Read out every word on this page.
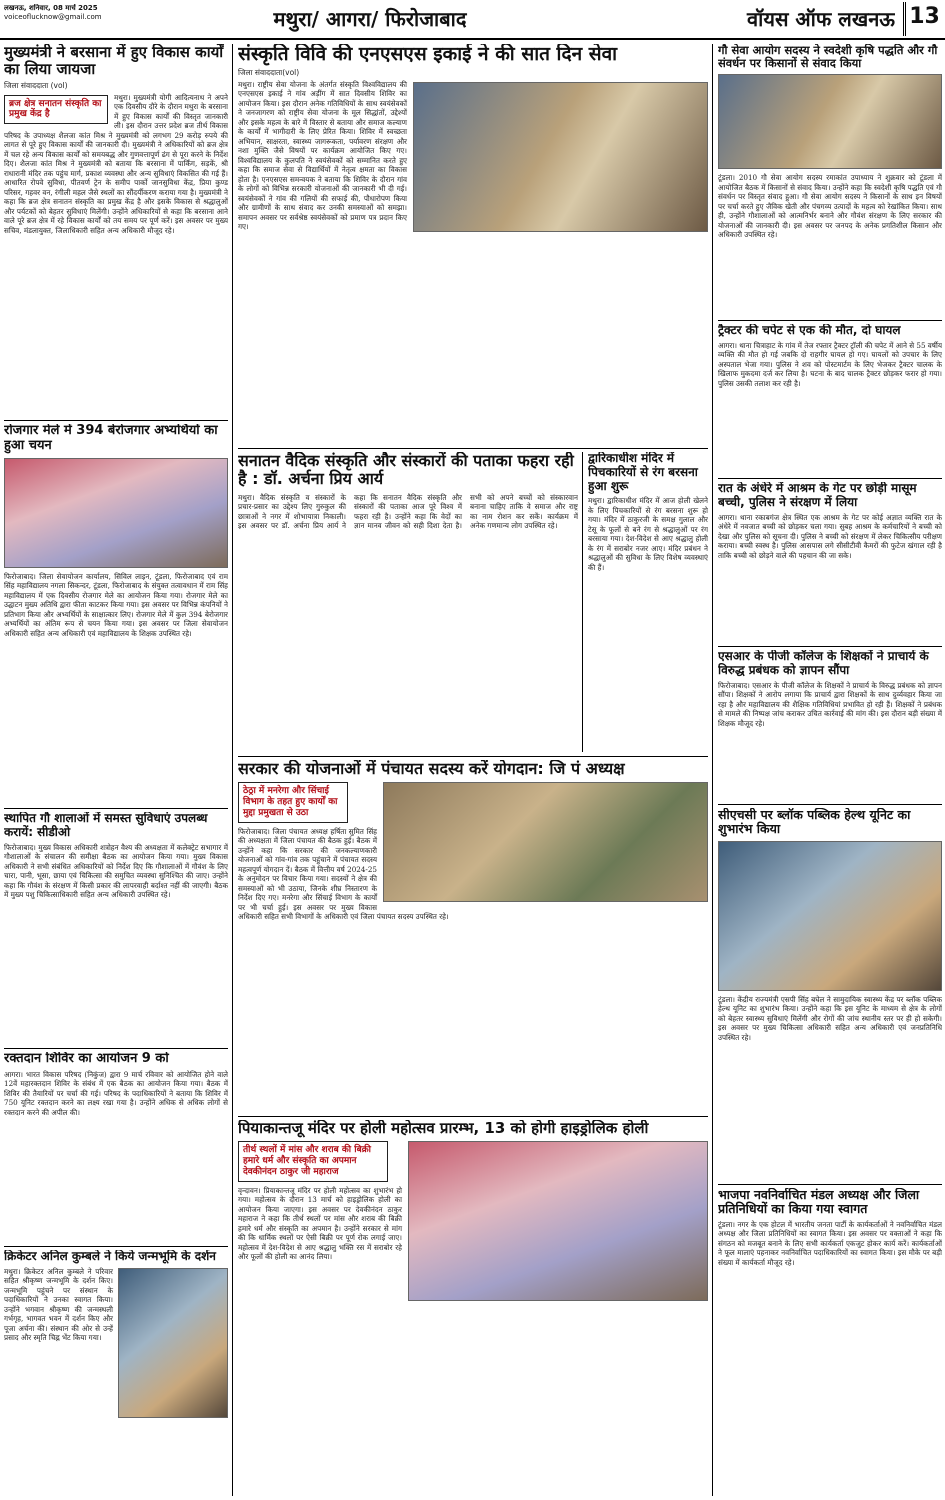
लखनऊ, शनिवार, 08 मार्च 2025
voiceoflucknow@gmail.com	मथुरा/ आगरा/ फिरोजाबाद	वॉयस ऑफ लखनऊ 13
मुख्यमंत्री ने बरसाना में हुए विकास कार्यों का लिया जायजा
जिला संवाददाता (vol)
ब्रज क्षेत्र सनातन संस्कृति का प्रमुख केंद्र है
मथुरा। मुख्यमंत्री योगी आदित्यनाथ ने अपने एक दिवसीय दौरे के दौरान मथुरा के बरसाना में हुए विकास कार्यों की विस्तृत जानकारी ली। इस दौरान उत्तर प्रदेश ब्रज तीर्थ विकास परिषद के उपाध्यक्ष शैलजा कांत मिश्र ने मुख्यमंत्री को लगभग 29 करोड़ रुपये की लागत से पूरे हुए विकास कार्यों की जानकारी दी। मुख्यमंत्री ने अधिकारियों को ब्रज क्षेत्र में चल रहे अन्य विकास कार्यों को समयबद्ध और गुणवत्तापूर्ण ढंग से पूरा करने के निर्देश दिए। शैलजा कांत मिश्र ने मुख्यमंत्री को बताया कि बरसाना में पार्किंग, सड़कें, श्री राधारानी मंदिर तक पहुंच मार्ग, प्रकाश व्यवस्था और अन्य सुविधाएं विकसित की गई हैं। आधारित रोपवे सुविधा, पीतवर्ण ट्रेन के समीप पार्को जानसुविधा केंद्र, प्रिया कुण्ड परिसर, गहवर वन, रंगीली महल जैसे स्थलों का सौंदर्यीकरण कराया गया है। मुख्यमंत्री ने कहा कि ब्रज क्षेत्र सनातन संस्कृति का प्रमुख केंद्र है और इसके विकास से श्रद्धालुओं और पर्यटकों को बेहतर सुविधाएं मिलेंगी। उन्होंने अधिकारियों से कहा कि बरसाना आने वाले पूरे ब्रज क्षेत्र में रहे विकास कार्यों को तय समय पर पूर्ण करें। इस अवसर पर मुख्य सचिव, मंडलायुक्त, जिलाधिकारी सहित अन्य अधिकारी मौजूद रहे।
रोजगार मेले में 394 बेरोजगार अभ्यर्थियों का हुआ चयन
फिरोजाबाद। जिला सेवायोजन कार्यालय, सिविल लाइन, टूंडला, फिरोजाबाद एवं राम सिंह महाविद्यालय नगला सिकन्दर, टूंडला, फिरोजाबाद के संयुक्त तत्वावधान में राम सिंह महाविद्यालय में एक दिवसीय रोजगार मेले का आयोजन किया गया। रोजगार मेले का उद्घाटन मुख्य अतिथि द्वारा फीता काटकर किया गया। इस अवसर पर विभिन्न कंपनियों ने प्रतिभाग किया और अभ्यर्थियों के साक्षात्कार लिए। रोजगार मेले में कुल 394 बेरोजगार अभ्यर्थियों का अंतिम रूप से चयन किया गया। इस अवसर पर जिला सेवायोजन अधिकारी सहित अन्य अधिकारी एवं महाविद्यालय के शिक्षक उपस्थित रहे।
स्थापित गौ शालाओं में समस्त सुविधाएं उपलब्ध करायें: सीडीओ
फिरोजाबाद। मुख्य विकास अधिकारी शत्रोहन वैश्य की अध्यक्षता में कलेक्ट्रेट सभागार में गौशालाओं के संचालन की समीक्षा बैठक का आयोजन किया गया। मुख्य विकास अधिकारी ने सभी संबंधित अधिकारियों को निर्देश दिए कि गौशालाओं में गौवंश के लिए चारा, पानी, भूसा, छाया एवं चिकित्सा की समुचित व्यवस्था सुनिश्चित की जाए। उन्होंने कहा कि गौवंश के संरक्षण में किसी प्रकार की लापरवाही बर्दाश्त नहीं की जाएगी। बैठक में मुख्य पशु चिकित्साधिकारी सहित अन्य अधिकारी उपस्थित रहे।
रक्तदान शिविर का आयोजन 9 को
आगरा। भारत विकास परिषद (निकुंज) द्वारा 9 मार्च रविवार को आयोजित होने वाले 12वें महारक्तदान शिविर के संबंध में एक बैठक का आयोजन किया गया। बैठक में शिविर की तैयारियों पर चर्चा की गई। परिषद के पदाधिकारियों ने बताया कि शिविर में 750 यूनिट रक्तदान करने का लक्ष्य रखा गया है। उन्होंने अधिक से अधिक लोगों से रक्तदान करने की अपील की।
क्रिकेटर अनिल कुम्बले ने किये जन्मभूमि के दर्शन
मथुरा। क्रिकेटर अनिल कुम्बले ने परिवार सहित श्रीकृष्ण जन्मभूमि के दर्शन किए। जन्मभूमि पहुंचने पर संस्थान के पदाधिकारियों ने उनका स्वागत किया। उन्होंने भगवान श्रीकृष्ण की जन्मस्थली गर्भगृह, भागवत भवन में दर्शन किए और पूजा अर्चना की। संस्थान की ओर से उन्हें प्रसाद और स्मृति चिह्न भेंट किया गया।
संस्कृति विवि की एनएसएस इकाई ने की सात दिन सेवा
जिला संवाददाता(vol)
मथुरा। राष्ट्रीय सेवा योजना के अंतर्गत संस्कृति विश्वविद्यालय की एनएसएस इकाई ने गांव अड़ींग में सात दिवसीय शिविर का आयोजन किया। इस दौरान अनेक गतिविधियों के साथ स्वयंसेवकों ने जनजागरण को राष्ट्रीय सेवा योजना के मूल सिद्धांतों, उद्देश्यों और इसके महत्व के बारे में विस्तार से बताया और समाज कल्याण के कार्यों में भागीदारी के लिए प्रेरित किया। शिविर में स्वच्छता अभियान, साक्षरता, स्वास्थ्य जागरूकता, पर्यावरण संरक्षण और नशा मुक्ति जैसे विषयों पर कार्यक्रम आयोजित किए गए। विश्वविद्यालय के कुलपति ने स्वयंसेवकों को सम्मानित करते हुए कहा कि समाज सेवा से विद्यार्थियों में नेतृत्व क्षमता का विकास होता है। एनएसएस समन्वयक ने बताया कि शिविर के दौरान गांव के लोगों को विभिन्न सरकारी योजनाओं की जानकारी भी दी गई। स्वयंसेवकों ने गांव की गलियों की सफाई की, पौधारोपण किया और ग्रामीणों के साथ संवाद कर उनकी समस्याओं को समझा। समापन अवसर पर सर्वश्रेष्ठ स्वयंसेवकों को प्रमाण पत्र प्रदान किए गए।
सनातन वैदिक संस्कृति और संस्कारों की पताका फहरा रही है : डॉ. अर्चना प्रिय आर्य
मथुरा। वैदिक संस्कृति व संस्कारों के प्रचार-प्रसार का उद्देश्य लिए गुरुकुल की छात्राओं ने नगर में शोभायात्रा निकाली। इस अवसर पर डॉ. अर्चना प्रिय आर्य ने कहा कि सनातन वैदिक संस्कृति और संस्कारों की पताका आज पूरे विश्व में फहरा रही है। उन्होंने कहा कि वेदों का ज्ञान मानव जीवन को सही दिशा देता है। सभी को अपने बच्चों को संस्कारवान बनाना चाहिए ताकि वे समाज और राष्ट्र का नाम रोशन कर सकें। कार्यक्रम में अनेक गणमान्य लोग उपस्थित रहे।
द्वारिकाधीश मंदिर में पिचकारियों से रंग बरसना हुआ शुरू
मथुरा। द्वारिकाधीश मंदिर में आज होली खेलने के लिए पिचकारियों से रंग बरसना शुरू हो गया। मंदिर में ठाकुरजी के समक्ष गुलाल और टेसू के फूलों से बने रंग से श्रद्धालुओं पर रंग बरसाया गया। देश-विदेश से आए श्रद्धालु होली के रंग में सराबोर नजर आए। मंदिर प्रबंधन ने श्रद्धालुओं की सुविधा के लिए विशेष व्यवस्थाएं की हैं।
सरकार की योजनाओं में पंचायत सदस्य करें योगदान: जि पं अध्यक्ष
ठेठ्रा में मनरेगा और सिंचाई विभाग के तहत हुए कार्यों का मुद्दा प्रमुखता से उठा
फिरोजाबाद। जिला पंचायत अध्यक्ष हर्षिता सुमित सिंह की अध्यक्षता में जिला पंचायत की बैठक हुई। बैठक में उन्होंने कहा कि सरकार की जनकल्याणकारी योजनाओं को गांव-गांव तक पहुंचाने में पंचायत सदस्य महत्वपूर्ण योगदान दें। बैठक में वित्तीय वर्ष 2024-25 के अनुमोदन पर विचार किया गया। सदस्यों ने क्षेत्र की समस्याओं को भी उठाया, जिनके शीघ्र निस्तारण के निर्देश दिए गए। मनरेगा और सिंचाई विभाग के कार्यों पर भी चर्चा हुई। इस अवसर पर मुख्य विकास अधिकारी सहित सभी विभागों के अधिकारी एवं जिला पंचायत सदस्य उपस्थित रहे।
पियाकान्तजू मंदिर पर होली महोत्सव प्रारम्भ, 13 को होगी हाइड्रोलिक होली
तीर्थ स्थलों में मांस और शराब की बिक्री हमारे धर्म और संस्कृति का अपमान देवकीनंदन ठाकुर जी महाराज
वृन्दावन। प्रियाकान्तजू मंदिर पर होली महोत्सव का शुभारंभ हो गया। महोत्सव के दौरान 13 मार्च को हाइड्रोलिक होली का आयोजन किया जाएगा। इस अवसर पर देवकीनंदन ठाकुर महाराज ने कहा कि तीर्थ स्थलों पर मांस और शराब की बिक्री हमारे धर्म और संस्कृति का अपमान है। उन्होंने सरकार से मांग की कि धार्मिक स्थलों पर ऐसी बिक्री पर पूर्ण रोक लगाई जाए। महोत्सव में देश-विदेश से आए श्रद्धालु भक्ति रस में सराबोर रहे और फूलों की होली का आनंद लिया।
गौ सेवा आयोग सदस्य ने स्वदेशी कृषि पद्धति और गौ संवर्धन पर किसानों से संवाद किया
टूंडला। 2010 गौ सेवा आयोग सदस्य रमाकांत उपाध्याय ने शुक्रवार को टूंडला में आयोजित बैठक में किसानों से संवाद किया। उन्होंने कहा कि स्वदेशी कृषि पद्धति एवं गौ संवर्धन पर विस्तृत संवाद हुआ। गौ सेवा आयोग सदस्य ने किसानों के साथ इन विषयों पर चर्चा करते हुए जैविक खेती और पंचगव्य उत्पादों के महत्व को रेखांकित किया। साथ ही, उन्होंने गौशालाओं को आत्मनिर्भर बनाने और गौवंश संरक्षण के लिए सरकार की योजनाओं की जानकारी दी। इस अवसर पर जनपद के अनेक प्रगतिशील किसान और अधिकारी उपस्थित रहे।
ट्रैक्टर की चपेट से एक की मौत, दो घायल
आगरा। थाना चित्राहाट के गांव में तेज रफ्तार ट्रैक्टर ट्रॉली की चपेट में आने से 55 वर्षीय व्यक्ति की मौत हो गई जबकि दो राहगीर घायल हो गए। घायलों को उपचार के लिए अस्पताल भेजा गया। पुलिस ने शव को पोस्टमार्टम के लिए भेजकर ट्रैक्टर चालक के खिलाफ मुकदमा दर्ज कर लिया है। घटना के बाद चालक ट्रैक्टर छोड़कर फरार हो गया। पुलिस उसकी तलाश कर रही है।
रात के अंधेरे में आश्रम के गेट पर छोड़ी मासूम बच्ची, पुलिस ने संरक्षण में लिया
आगरा। थाना रकाबगंज क्षेत्र स्थित एक आश्रम के गेट पर कोई अज्ञात व्यक्ति रात के अंधेरे में नवजात बच्ची को छोड़कर चला गया। सुबह आश्रम के कर्मचारियों ने बच्ची को देखा और पुलिस को सूचना दी। पुलिस ने बच्ची को संरक्षण में लेकर चिकित्सीय परीक्षण कराया। बच्ची स्वस्थ है। पुलिस आसपास लगे सीसीटीवी कैमरों की फुटेज खंगाल रही है ताकि बच्ची को छोड़ने वाले की पहचान की जा सके।
एसआर के पीजी कॉलेज के शिक्षकों ने प्राचार्य के विरुद्ध प्रबंधक को ज्ञापन सौंपा
फिरोजाबाद। एसआर के पीजी कॉलेज के शिक्षकों ने प्राचार्य के विरुद्ध प्रबंधक को ज्ञापन सौंपा। शिक्षकों ने आरोप लगाया कि प्राचार्य द्वारा शिक्षकों के साथ दुर्व्यवहार किया जा रहा है और महाविद्यालय की शैक्षिक गतिविधियां प्रभावित हो रही हैं। शिक्षकों ने प्रबंधक से मामले की निष्पक्ष जांच कराकर उचित कार्रवाई की मांग की। इस दौरान बड़ी संख्या में शिक्षक मौजूद रहे।
सीएचसी पर ब्लॉक पब्लिक हेल्थ यूनिट का शुभारंभ किया
टूंडला। केंद्रीय राज्यमंत्री एसपी सिंह बघेल ने सामुदायिक स्वास्थ्य केंद्र पर ब्लॉक पब्लिक हेल्थ यूनिट का शुभारंभ किया। उन्होंने कहा कि इस यूनिट के माध्यम से क्षेत्र के लोगों को बेहतर स्वास्थ्य सुविधाएं मिलेंगी और रोगों की जांच स्थानीय स्तर पर ही हो सकेगी। इस अवसर पर मुख्य चिकित्सा अधिकारी सहित अन्य अधिकारी एवं जनप्रतिनिधि उपस्थित रहे।
भाजपा नवनिर्वाचित मंडल अध्यक्ष और जिला प्रतिनिधियों का किया गया स्वागत
टूंडला। नगर के एक होटल में भारतीय जनता पार्टी के कार्यकर्ताओं ने नवनिर्वाचित मंडल अध्यक्ष और जिला प्रतिनिधियों का स्वागत किया। इस अवसर पर वक्ताओं ने कहा कि संगठन को मजबूत बनाने के लिए सभी कार्यकर्ता एकजुट होकर कार्य करें। कार्यकर्ताओं ने फूल मालाएं पहनाकर नवनिर्वाचित पदाधिकारियों का स्वागत किया। इस मौके पर बड़ी संख्या में कार्यकर्ता मौजूद रहे।
